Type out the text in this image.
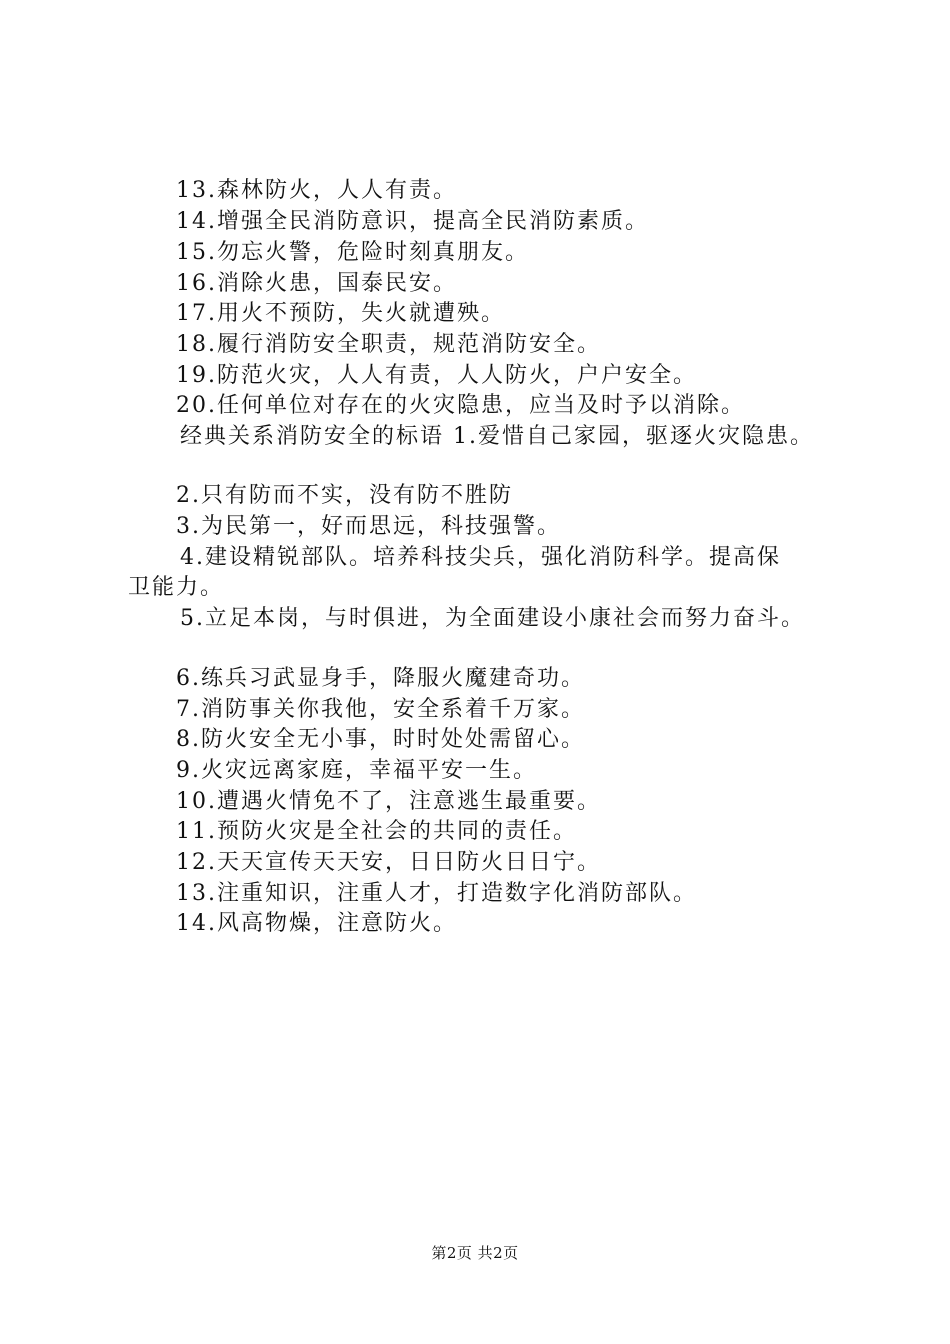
13.森林防火，人人有责。
14.增强全民消防意识，提高全民消防素质。
15.勿忘火警，危险时刻真朋友。
16.消除火患，国泰民安。
17.用火不预防，失火就遭殃。
18.履行消防安全职责，规范消防安全。
19.防范火灾，人人有责，人人防火，户户安全。
20.任何单位对存在的火灾隐患，应当及时予以消除。
经典关系消防安全的标语 1.爱惜自己家园，驱逐火灾隐患。
2.只有防而不实，没有防不胜防
3.为民第一，好而思远，科技强警。
4.建设精锐部队。培养科技尖兵，强化消防科学。提高保
卫能力。
5.立足本岗，与时俱进，为全面建设小康社会而努力奋斗。
6.练兵习武显身手，降服火魔建奇功。
7.消防事关你我他，安全系着千万家。
8.防火安全无小事，时时处处需留心。
9.火灾远离家庭，幸福平安一生。
10.遭遇火情免不了，注意逃生最重要。
11.预防火灾是全社会的共同的责任。
12.天天宣传天天安，日日防火日日宁。
13.注重知识，注重人才，打造数字化消防部队。
14.风高物燥，注意防火。
第2页 共2页
